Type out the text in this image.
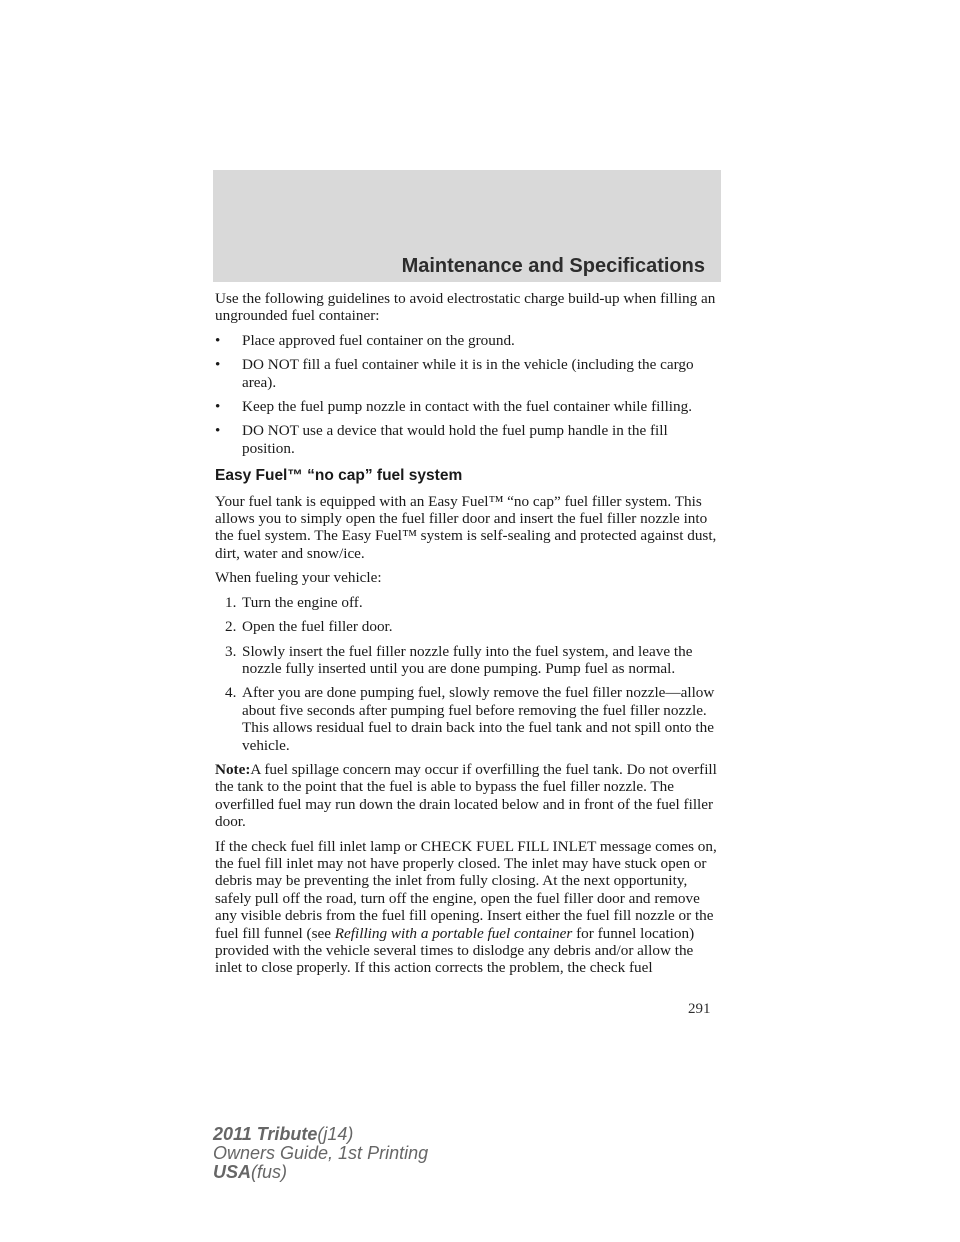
Maintenance and Specifications

Use the following guidelines to avoid electrostatic charge build-up when filling an ungrounded fuel container:

•	Place approved fuel container on the ground.
•	DO NOT fill a fuel container while it is in the vehicle (including the cargo area).
•	Keep the fuel pump nozzle in contact with the fuel container while filling.
•	DO NOT use a device that would hold the fuel pump handle in the fill position.
Easy Fuel™ “no cap” fuel system

Your fuel tank is equipped with an Easy Fuel™ “no cap” fuel filler system. This allows you to simply open the fuel filler door and insert the fuel filler nozzle into the fuel system. The Easy Fuel™ system is self-sealing and protected against dust, dirt, water and snow/ice.

When fueling your vehicle:

1. Turn the engine off.
2. Open the fuel filler door.
3. Slowly insert the fuel filler nozzle fully into the fuel system, and leave the nozzle fully inserted until you are done pumping. Pump fuel as normal.
4. After you are done pumping fuel, slowly remove the fuel filler nozzle—allow about five seconds after pumping fuel before removing the fuel filler nozzle. This allows residual fuel to drain back into the fuel tank and not spill onto the vehicle.

Note:A fuel spillage concern may occur if overfilling the fuel tank. Do not overfill the tank to the point that the fuel is able to bypass the fuel filler nozzle. The overfilled fuel may run down the drain located below and in front of the fuel filler door.

If the check fuel fill inlet lamp or CHECK FUEL FILL INLET message comes on, the fuel fill inlet may not have properly closed. The inlet may have stuck open or debris may be preventing the inlet from fully closing. At the next opportunity, safely pull off the road, turn off the engine, open the fuel filler door and remove any visible debris from the fuel fill opening. Insert either the fuel fill nozzle or the fuel fill funnel (see Refilling with a portable fuel container for funnel location) provided with the vehicle several times to dislodge any debris and/or allow the inlet to close properly. If this action corrects the problem, the check fuel

291
2011 Tribute(j14)
Owners Guide, 1st Printing
USA(fus)
